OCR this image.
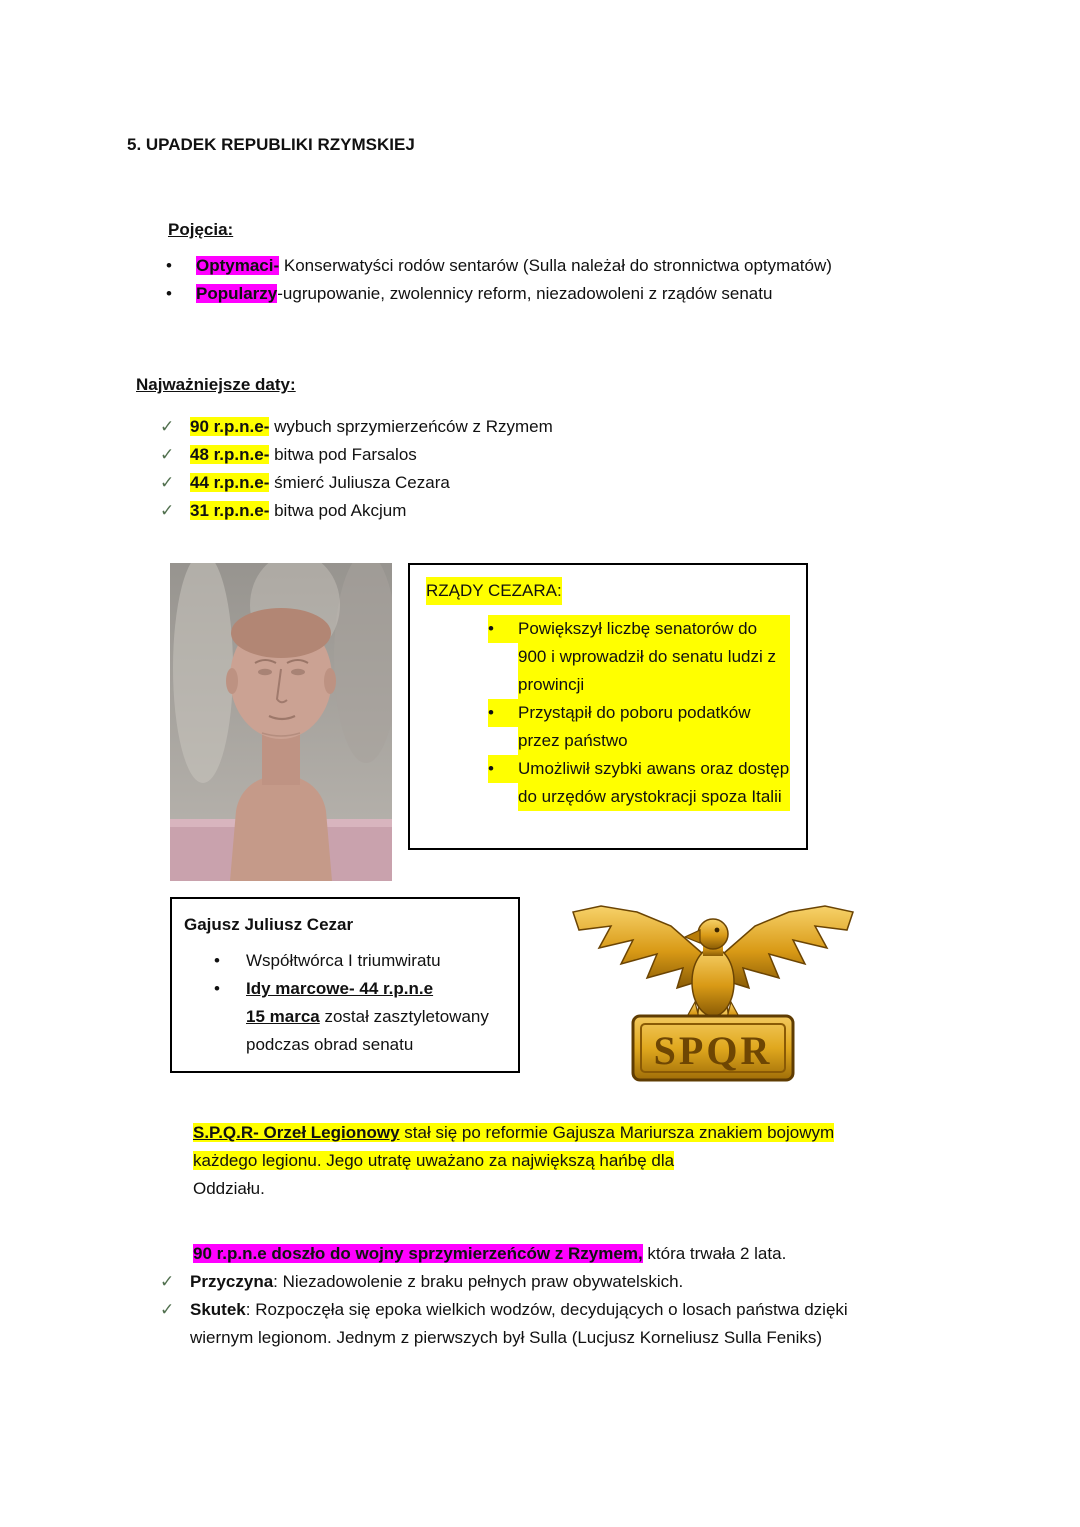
5. UPADEK REPUBLIKI RZYMSKIEJ
Pojęcia:
•	Optymaci- Konserwatyści rodów sentarów (Sulla należał do stronnictwa optymatów)
•	Popularzy-ugrupowanie, zwolennicy reform, niezadowoleni z rządów senatu
Najważniejsze daty:
✓ 90 r.p.n.e- wybuch sprzymierzeńców z Rzymem
✓ 48 r.p.n.e- bitwa pod Farsalos
✓ 44 r.p.n.e- śmierć Juliusza Cezara
✓ 31 r.p.n.e- bitwa pod Akcjum
RZĄDY CEZARA:
•	Powiększył liczbę senatorów do 900 i wprowadził do senatu ludzi z prowincji
•	Przystąpił do poboru podatków przez państwo
•	Umożliwił szybki awans oraz dostęp do urzędów arystokracji spoza Italii
Gajusz Juliusz Cezar
•	Współtwórca I triumwiratu
•	Idy marcowe- 44 r.p.n.e
15 marca został zasztyletowany podczas obrad senatu	SPQR
S.P.Q.R- Orzeł Legionowy stał się po reformie Gajusza Mariursza znakiem bojowym
każdego legionu. Jego utratę uważano za największą hańbę dla
Oddziału.
90 r.p.n.e doszło do wojny sprzymierzeńców z Rzymem, która trwała 2 lata.
✓ Przyczyna: Niezadowolenie z braku pełnych praw obywatelskich.
✓ Skutek: Rozpoczęła się epoka wielkich wodzów, decydujących o losach państwa dzięki wiernym legionom. Jednym z pierwszych był Sulla (Lucjusz Korneliusz Sulla Feniks)
